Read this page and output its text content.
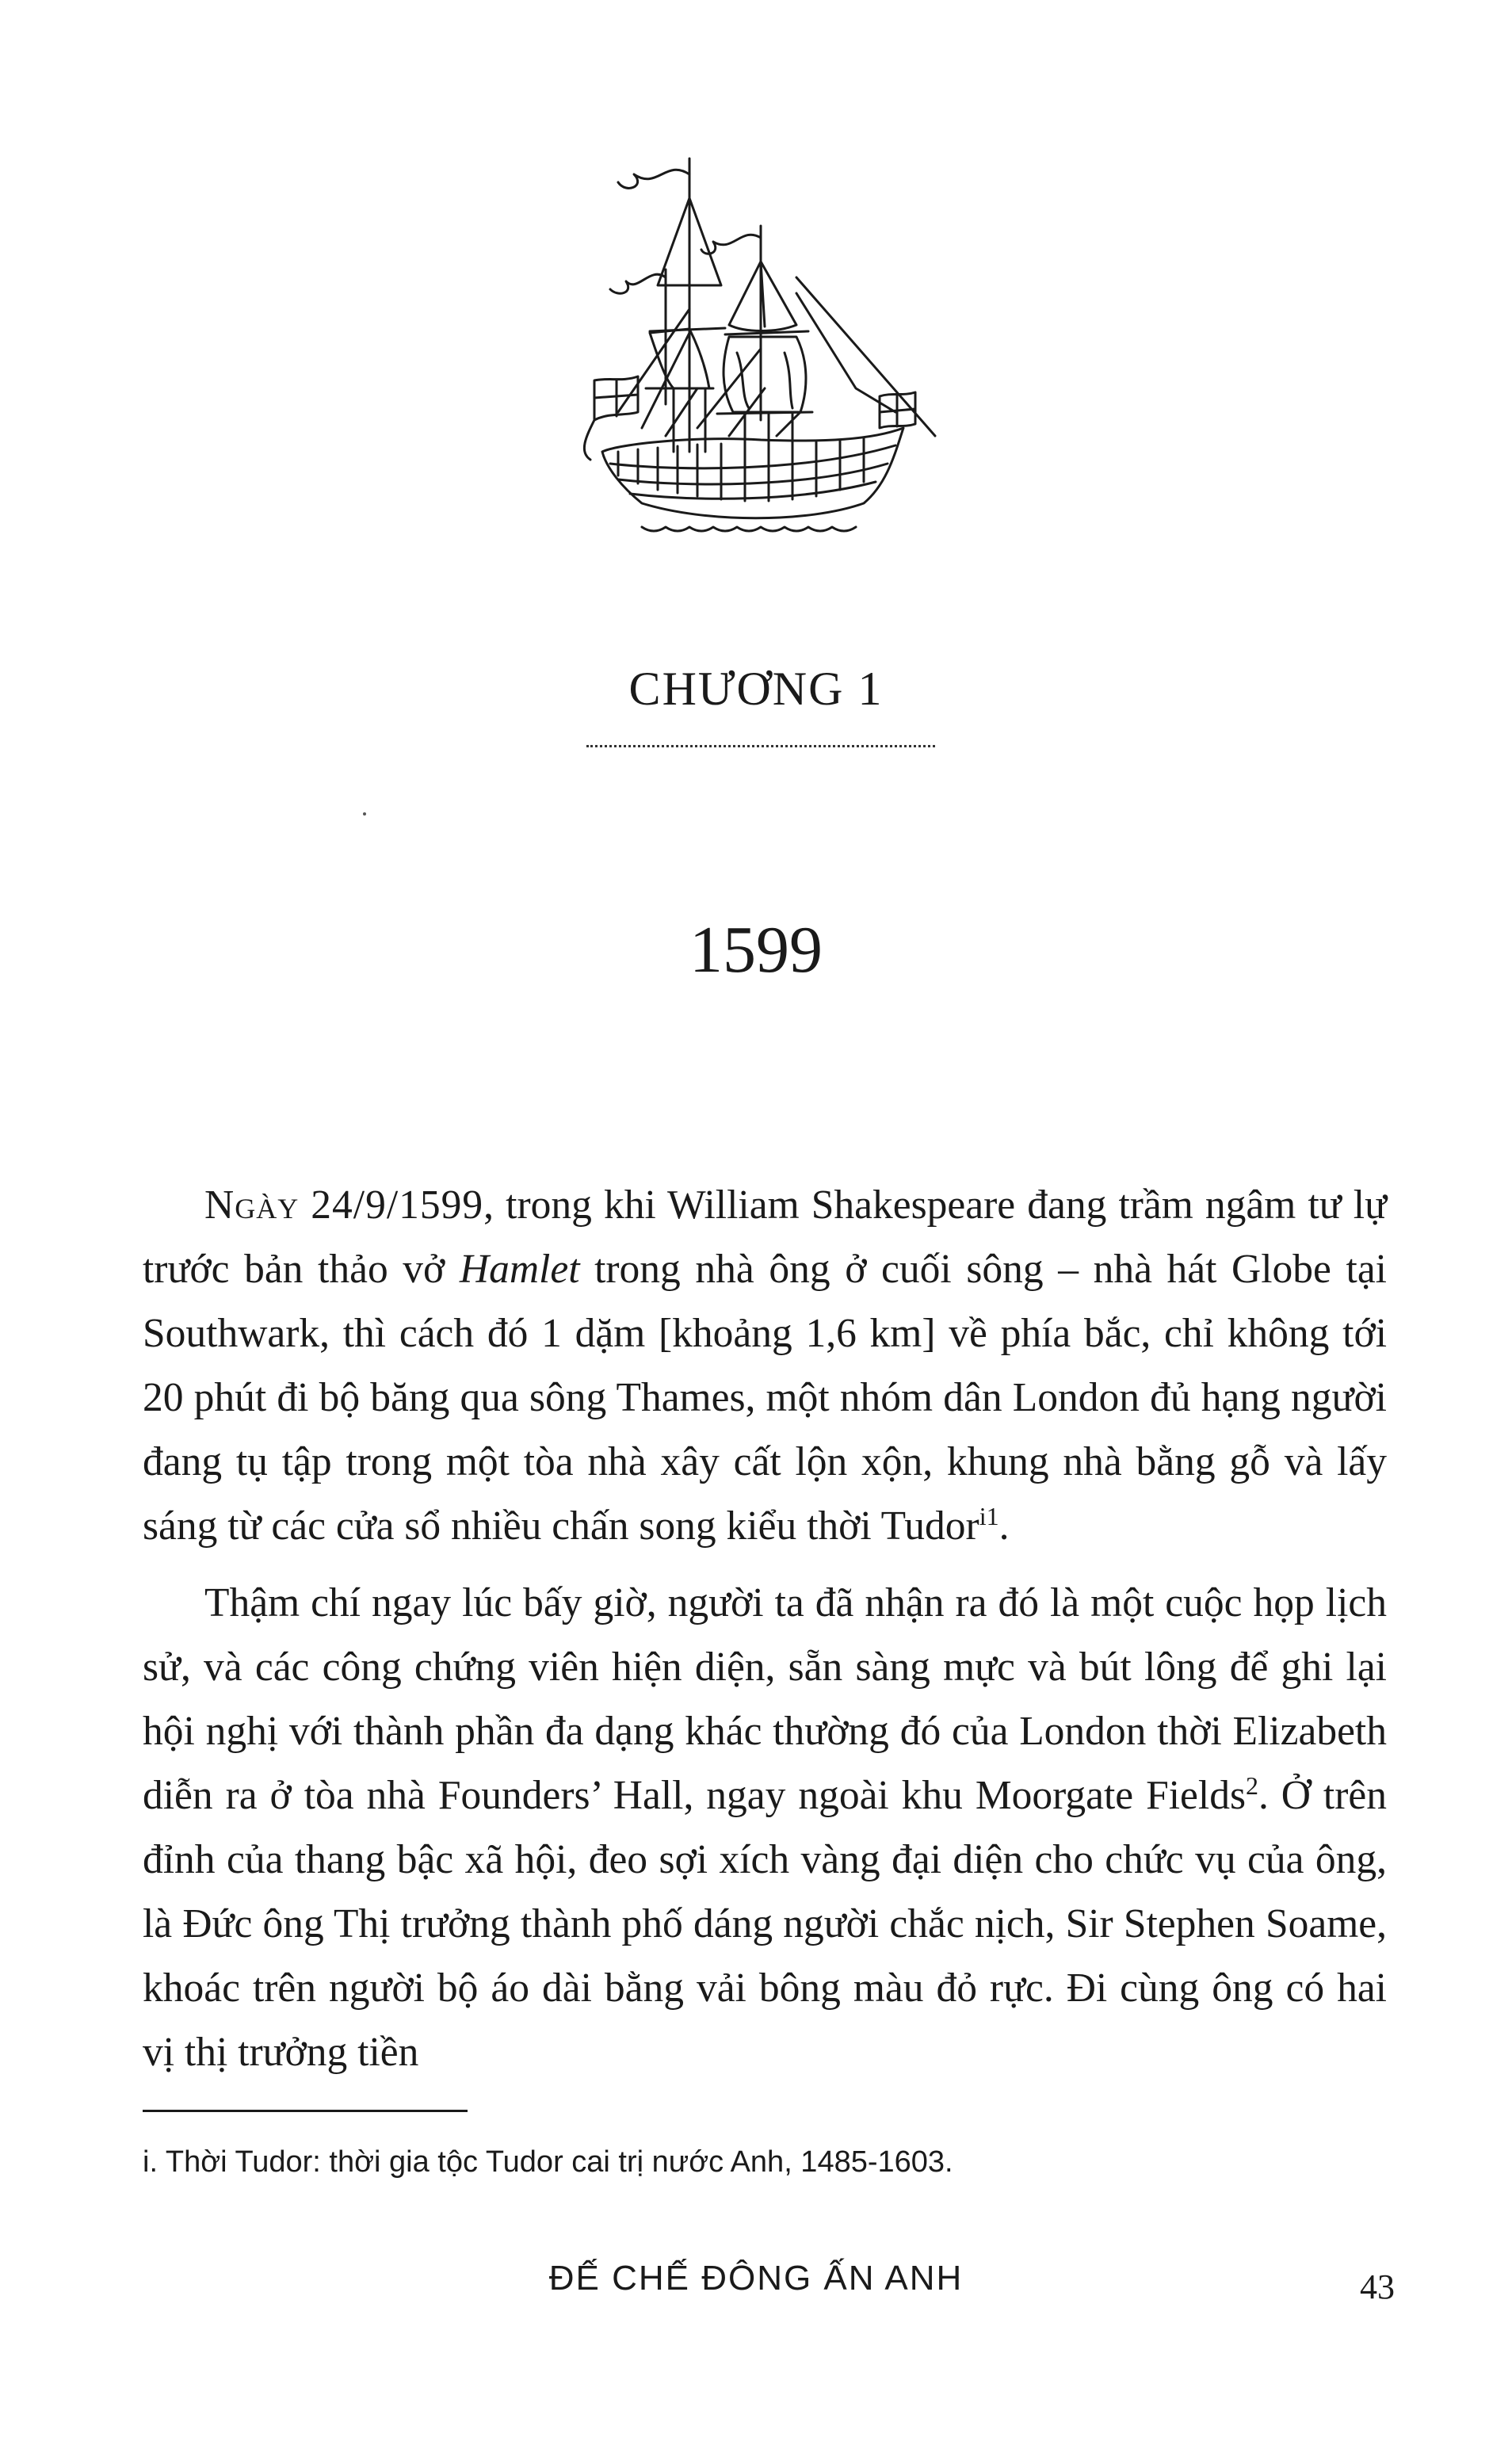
CHƯƠNG 1
1599

Ngày 24/9/1599, trong khi William Shakespeare đang trầm ngâm tư lự trước bản thảo vở Hamlet trong nhà ông ở cuối sông – nhà hát Globe tại Southwark, thì cách đó 1 dặm [khoảng 1,6 km] về phía bắc, chỉ không tới 20 phút đi bộ băng qua sông Thames, một nhóm dân London đủ hạng người đang tụ tập trong một tòa nhà xây cất lộn xộn, khung nhà bằng gỗ và lấy sáng từ các cửa sổ nhiều chấn song kiểu thời Tudor$^{i1}$.

Thậm chí ngay lúc bấy giờ, người ta đã nhận ra đó là một cuộc họp lịch sử, và các công chứng viên hiện diện, sẵn sàng mực và bút lông để ghi lại hội nghị với thành phần đa dạng khác thường đó của London thời Elizabeth diễn ra ở tòa nhà Founders’ Hall, ngay ngoài khu Moorgate Fields$^2$. Ở trên đỉnh của thang bậc xã hội, đeo sợi xích vàng đại diện cho chức vụ của ông, là Đức ông Thị trưởng thành phố dáng người chắc nịch, Sir Stephen Soame, khoác trên người bộ áo dài bằng vải bông màu đỏ rực. Đi cùng ông có hai vị thị trưởng tiền

i. Thời Tudor: thời gia tộc Tudor cai trị nước Anh, 1485-1603.
ĐẾ CHẾ ĐÔNG ẤN ANH	43
